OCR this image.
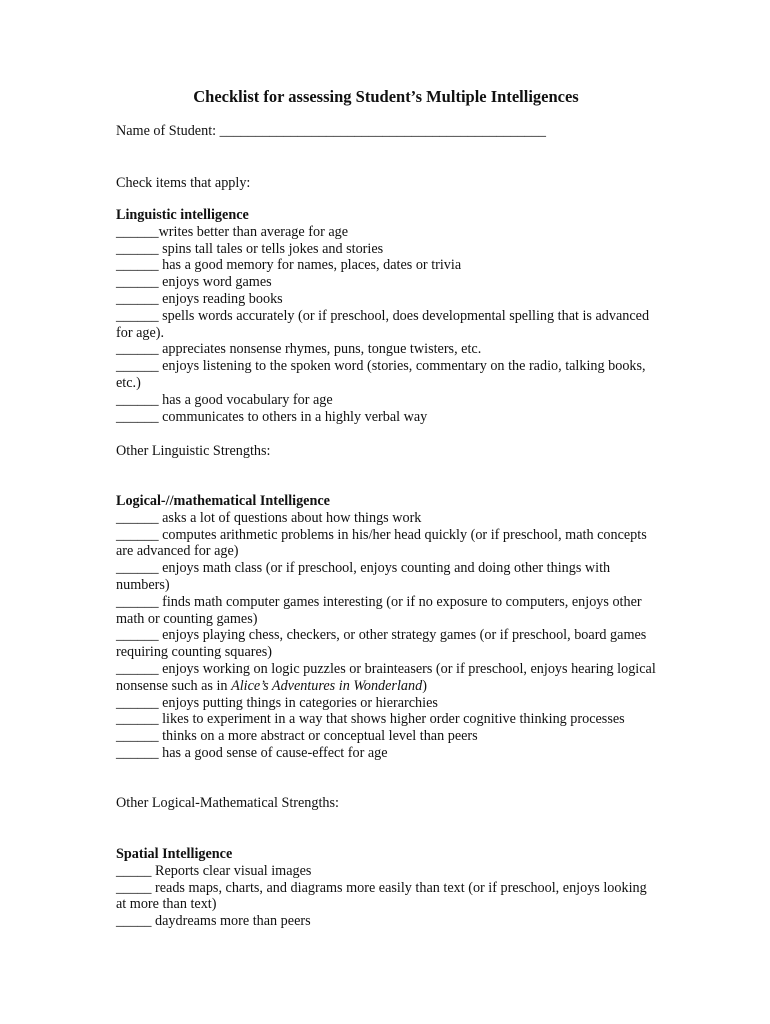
Checklist for assessing Student’s Multiple Intelligences
Name of Student: ______________________________________________
Check items that apply:
Linguistic intelligence
______writes better than average for age
______ spins tall tales or tells jokes and stories
______ has a good memory for names, places, dates or trivia
______ enjoys word games
______ enjoys reading books
______ spells words accurately (or if preschool, does developmental spelling that is advanced for age).
______ appreciates nonsense rhymes, puns, tongue twisters, etc.
______ enjoys listening to the spoken word (stories, commentary on the radio, talking books, etc.)
______ has a good vocabulary for age
______ communicates to others in a highly verbal way
Other Linguistic Strengths:
Logical-//mathematical Intelligence
______ asks a lot of questions about how things work
______ computes arithmetic problems in his/her head quickly (or if preschool, math concepts are advanced for age)
______ enjoys math class (or if preschool, enjoys counting and doing other things with numbers)
______ finds math computer games interesting (or if no exposure to computers, enjoys other math or counting games)
______ enjoys playing chess, checkers, or other strategy games (or if preschool, board games requiring counting squares)
______ enjoys working on logic puzzles or brainteasers (or if preschool, enjoys hearing logical nonsense such as in Alice’s Adventures in Wonderland)
______ enjoys putting things in categories or hierarchies
______ likes to experiment in a way that shows higher order cognitive thinking processes
______ thinks on a more abstract or conceptual level than peers
______ has a good sense of cause-effect for age
Other Logical-Mathematical Strengths:
Spatial Intelligence
_____ Reports clear visual images
_____ reads maps, charts, and diagrams more easily than text (or if preschool, enjoys looking at more than text)
_____ daydreams more than peers
